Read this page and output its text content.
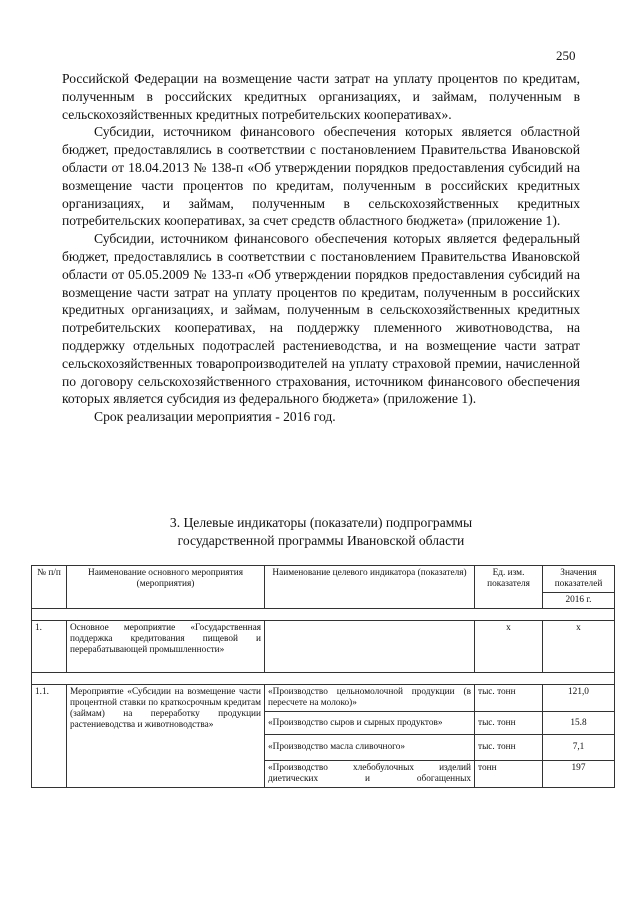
250

Российской Федерации на возмещение части затрат на уплату процентов по кредитам, полученным в российских кредитных организациях, и займам, полученным в сельскохозяйственных кредитных потребительских кооперативах».

Субсидии, источником финансового обеспечения которых является областной бюджет, предоставлялись в соответствии с постановлением Правительства Ивановской области от 18.04.2013 № 138-п «Об утверждении порядков предоставления субсидий на возмещение части процентов по кредитам, полученным в российских кредитных организациях, и займам, полученным в сельскохозяйственных кредитных потребительских кооперативах, за счет средств областного бюджета» (приложение 1).

Субсидии, источником финансового обеспечения которых является федеральный бюджет, предоставлялись в соответствии с постановлением Правительства Ивановской области от 05.05.2009 № 133-п «Об утверждении порядков предоставления субсидий на возмещение части затрат на уплату процентов по кредитам, полученным в российских кредитных организациях, и займам, полученным в сельскохозяйственных кредитных потребительских кооперативах, на поддержку племенного животноводства, на поддержку отдельных подотраслей растениеводства, и на возмещение части затрат сельскохозяйственных товаропроизводителей на уплату страховой премии, начисленной по договору сельскохозяйственного страхования, источником финансового обеспечения которых является субсидия из федерального бюджета» (приложение 1).

Срок реализации мероприятия - 2016 год.

3. Целевые индикаторы (показатели) подпрограммы
государственной программы Ивановской области
№ п/п	Наименование основного мероприятия (мероприятия)	Наименование целевого индикатора (показателя)	Ед. изм. показателя	Значения показателей
				2016 г.

1.	Основное мероприятие «Государственная поддержка кредитования пищевой и перерабатывающей промышленности»		х	х

1.1.	Мероприятие «Субсидии на возмещение части процентной ставки по краткосрочным кредитам (займам) на переработку продукции растениеводства и животноводства»	«Производство цельномолочной продукции (в пересчете на молоко)»	тыс. тонн	121,0
		«Производство сыров и сырных продуктов»	тыс. тонн	15.8
		«Производство масла сливочного»	тыс. тонн	7,1
		«Производство хлебобулочных изделий диетических и обогащенных	тонн	197
